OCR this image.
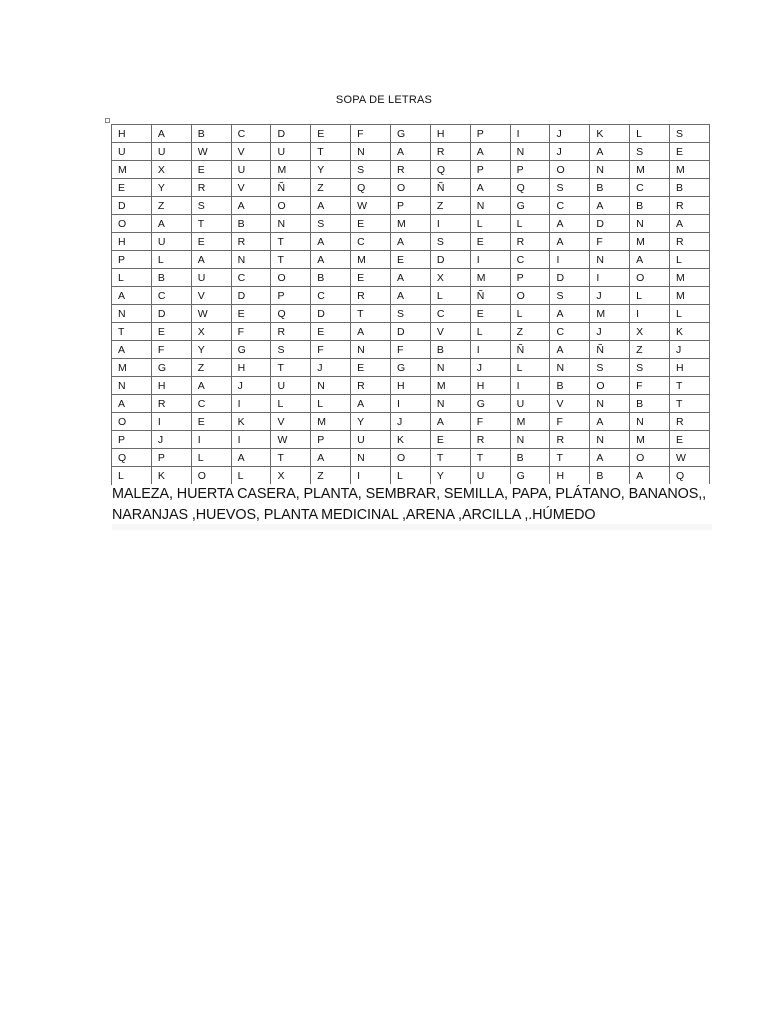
SOPA DE LETRAS
H	A	B	C	D	E	F	G	H	P	I	J	K	L	S
U	U	W	V	U	T	N	A	R	A	N	J	A	S	E
M	X	E	U	M	Y	S	R	Q	P	P	O	N	M	M
E	Y	R	V	Ñ	Z	Q	O	Ñ	A	Q	S	B	C	B
D	Z	S	A	O	A	W	P	Z	N	G	C	A	B	R
O	A	T	B	N	S	E	M	I	L	L	A	D	N	A
H	U	E	R	T	A	C	A	S	E	R	A	F	M	R
P	L	A	N	T	A	M	E	D	I	C	I	N	A	L
L	B	U	C	O	B	E	A	X	M	P	D	I	O	M
A	C	V	D	P	C	R	A	L	Ñ	O	S	J	L	M
N	D	W	E	Q	D	T	S	C	E	L	A	M	I	L
T	E	X	F	R	E	A	D	V	L	Z	C	J	X	K
A	F	Y	G	S	F	N	F	B	I	Ñ	A	Ñ	Z	J
M	G	Z	H	T	J	E	G	N	J	L	N	S	S	H
N	H	A	J	U	N	R	H	M	H	I	B	O	F	T
A	R	C	I	L	L	A	I	N	G	U	V	N	B	T
O	I	E	K	V	M	Y	J	A	F	M	F	A	N	R
P	J	I	I	W	P	U	K	E	R	N	R	N	M	E
Q	P	L	A	T	A	N	O	T	T	B	T	A	O	W
L	K	O	L	X	Z	I	L	Y	U	G	H	B	A	Q
MALEZA, HUERTA CASERA, PLANTA, SEMBRAR, SEMILLA, PAPA, PLÁTANO, BANANOS,,
NARANJAS ,HUEVOS, PLANTA MEDICINAL ,ARENA ,ARCILLA ,.HÚMEDO
